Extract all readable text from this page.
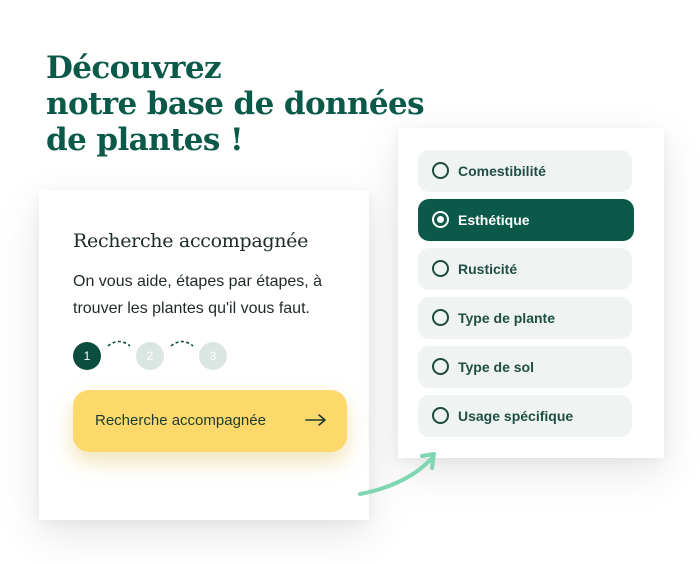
Découvrez
notre base de données
de plantes !
Recherche accompagnée

On vous aide, étapes par étapes, à trouver les plantes qu'il vous faut.

1	2	3
Recherche accompagnée
Comestibilité
Esthétique
Rusticité
Type de plante
Type de sol
Usage spécifique
